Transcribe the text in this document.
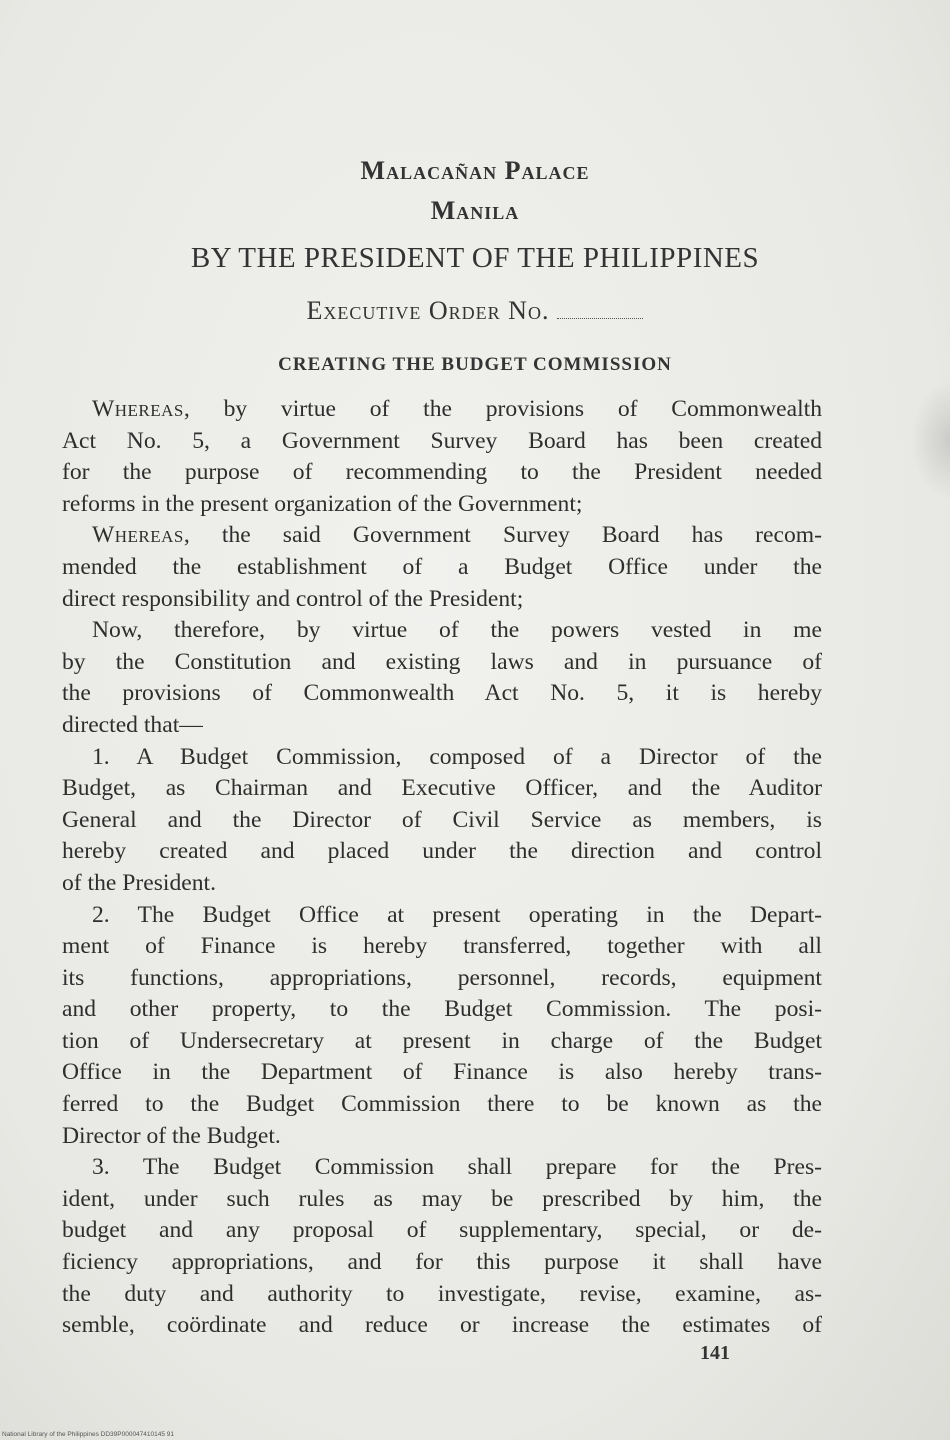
Malacañan Palace
Manila
BY THE PRESIDENT OF THE PHILIPPINES
Executive Order No.
CREATING THE BUDGET COMMISSION
Whereas, by virtue of the provisions of Commonwealth
Act No. 5, a Government Survey Board has been created
for the purpose of recommending to the President needed
reforms in the present organization of the Government;
Whereas, the said Government Survey Board has recom-
mended the establishment of a Budget Office under the
direct responsibility and control of the President;
Now, therefore, by virtue of the powers vested in me
by the Constitution and existing laws and in pursuance of
the provisions of Commonwealth Act No. 5, it is hereby
directed that—
1. A Budget Commission, composed of a Director of the
Budget, as Chairman and Executive Officer, and the Auditor
General and the Director of Civil Service as members, is
hereby created and placed under the direction and control
of the President.
2. The Budget Office at present operating in the Depart-
ment of Finance is hereby transferred, together with all
its functions, appropriations, personnel, records, equipment
and other property, to the Budget Commission. The posi-
tion of Undersecretary at present in charge of the Budget
Office in the Department of Finance is also hereby trans-
ferred to the Budget Commission there to be known as the
Director of the Budget.
3. The Budget Commission shall prepare for the Pres-
ident, under such rules as may be prescribed by him, the
budget and any proposal of supplementary, special, or de-
ficiency appropriations, and for this purpose it shall have
the duty and authority to investigate, revise, examine, as-
semble, coördinate and reduce or increase the estimates of
141
National Library of the Philippines DD39P000047410145 91
